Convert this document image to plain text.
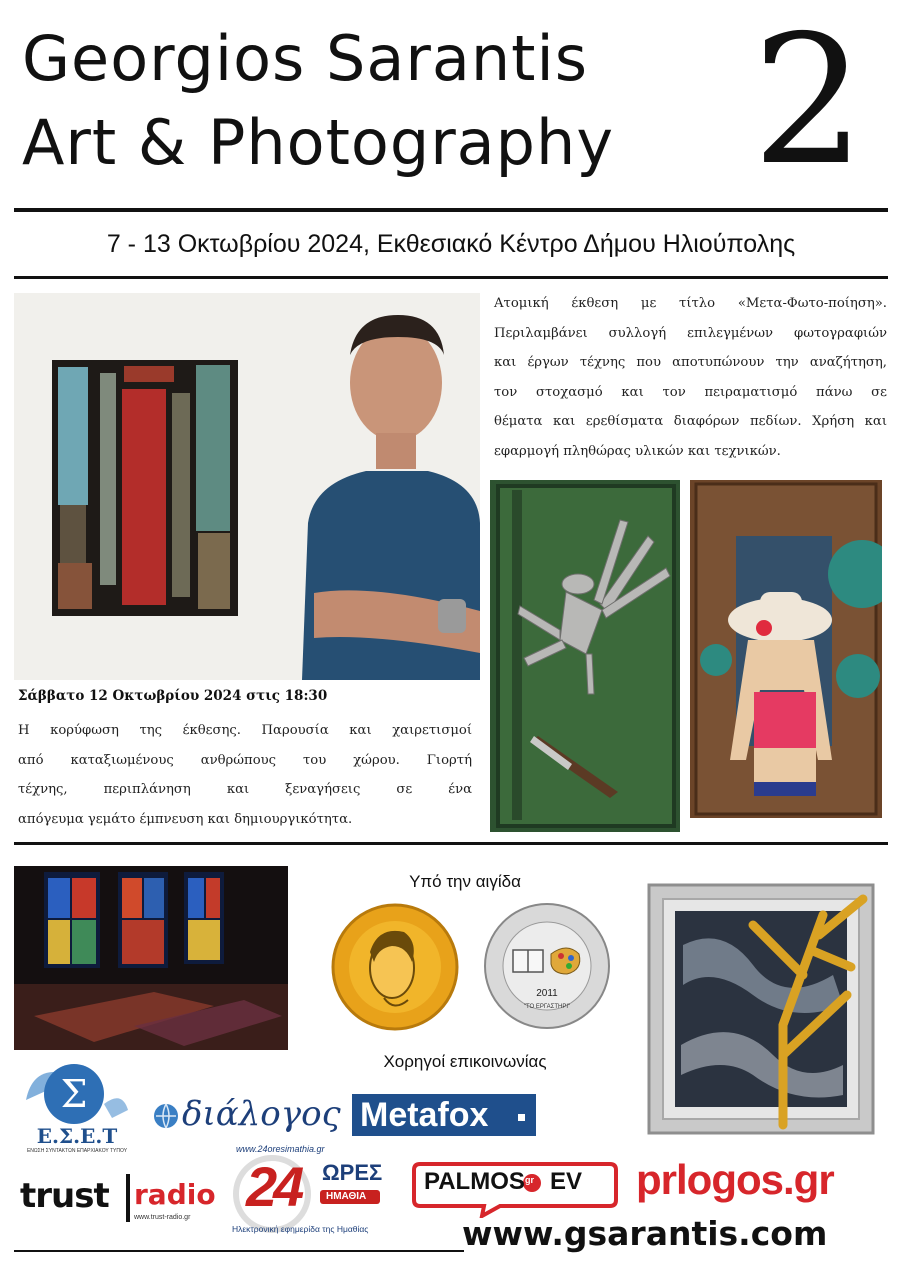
Georgios Sarantis
Art & Photography 2
7 - 13 Οκτωβρίου 2024, Εκθεσιακό Κέντρο Δήμου Ηλιούπολης
Ατομική έκθεση με τίτλο «Μετα-Φωτο-ποίηση».
Περιλαμβάνει συλλογή επιλεγμένων φωτογραφιών
και έργων τέχνης που αποτυπώνουν την αναζήτηση,
τον στοχασμό και τον πειραματισμό πάνω σε
θέματα και ερεθίσματα διαφόρων πεδίων. Χρήση και
εφαρμογή πληθώρας υλικών και τεχνικών.
Σάββατο 12 Οκτωβρίου 2024 στις 18:30
Η κορύφωση της έκθεσης. Παρουσία και χαιρετισμοί
από καταξιωμένους ανθρώπους του χώρου. Γιορτή
τέχνης, περιπλάνηση και ξεναγήσεις σε ένα
απόγευμα γεμάτο έμπνευση και δημιουργικότητα.
Υπό την αιγίδα
2011
"ΤΟ ΕΡΓΑΣΤΗΡΙ"
Χορηγοί επικοινωνίας
Σ
Ε.Σ.Ε.Τ
ΕΝΩΣΗ ΣΥΝΤΑΚΤΩΝ ΕΠΑΡΧΙΑΚΟΥ ΤΥΠΟΥ
διάλογος Metafox
trust radio
www.trust-radio.gr
www.24oresimathia.gr
24 ΩΡΕΣ
ΗΜΑΘΙΑ
Ηλεκτρονική εφημερίδα της Ημαθίας
PALMOS gr EV prlogos.gr
www.gsarantis.com
